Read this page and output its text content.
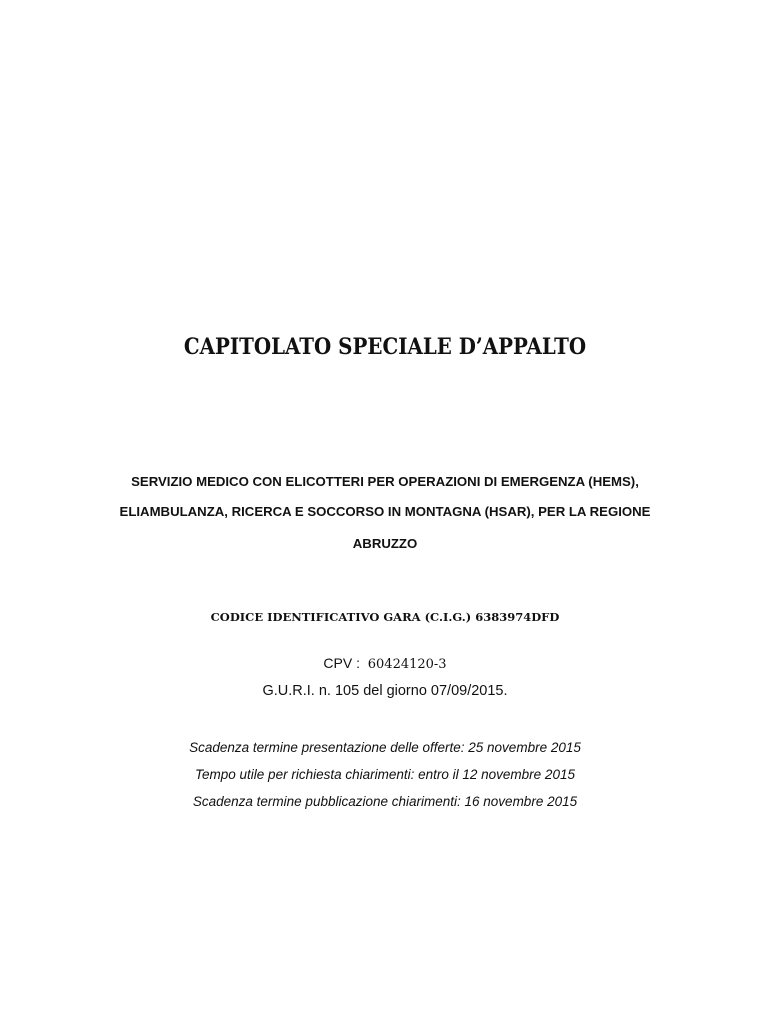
CAPITOLATO SPECIALE D’APPALTO
SERVIZIO MEDICO CON ELICOTTERI PER OPERAZIONI DI EMERGENZA (HEMS),
ELIAMBULANZA, RICERCA E SOCCORSO IN MONTAGNA (HSAR), PER LA REGIONE
ABRUZZO
CODICE IDENTIFICATIVO GARA (C.I.G.) 6383974DFD
CPV : 60424120-3
G.U.R.I. n. 105 del giorno 07/09/2015.
Scadenza termine presentazione delle offerte: 25 novembre 2015
Tempo utile per richiesta chiarimenti: entro il 12 novembre 2015
Scadenza termine pubblicazione chiarimenti: 16 novembre 2015
